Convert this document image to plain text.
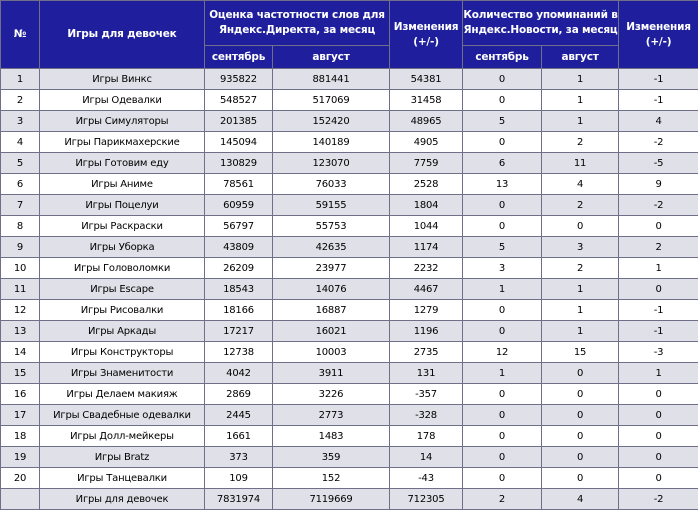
№	Игры для девочек	Оценка частотности слов для Яндекс.Директа, за месяц		Изменения (+/-)	Количество упоминаний в Яндекс.Новости, за месяц		Изменения (+/-)
		сентябрь	август		сентябрь	август	
1	Игры Винкс	935822	881441	54381	0	1	-1
2	Игры Одевалки	548527	517069	31458	0	1	-1
3	Игры Симуляторы	201385	152420	48965	5	1	4
4	Игры Парикмахерские	145094	140189	4905	0	2	-2
5	Игры Готовим еду	130829	123070	7759	6	11	-5
6	Игры Аниме	78561	76033	2528	13	4	9
7	Игры Поцелуи	60959	59155	1804	0	2	-2
8	Игры Раскраски	56797	55753	1044	0	0	0
9	Игры Уборка	43809	42635	1174	5	3	2
10	Игры Головоломки	26209	23977	2232	3	2	1
11	Игры Escape	18543	14076	4467	1	1	0
12	Игры Рисовалки	18166	16887	1279	0	1	-1
13	Игры Аркады	17217	16021	1196	0	1	-1
14	Игры Конструкторы	12738	10003	2735	12	15	-3
15	Игры Знаменитости	4042	3911	131	1	0	1
16	Игры Делаем макияж	2869	3226	-357	0	0	0
17	Игры Свадебные одевалки	2445	2773	-328	0	0	0
18	Игры Долл-мейкеры	1661	1483	178	0	0	0
19	Игры Bratz	373	359	14	0	0	0
20	Игры Танцевалки	109	152	-43	0	0	0
	Игры для девочек	7831974	7119669	712305	2	4	-2
